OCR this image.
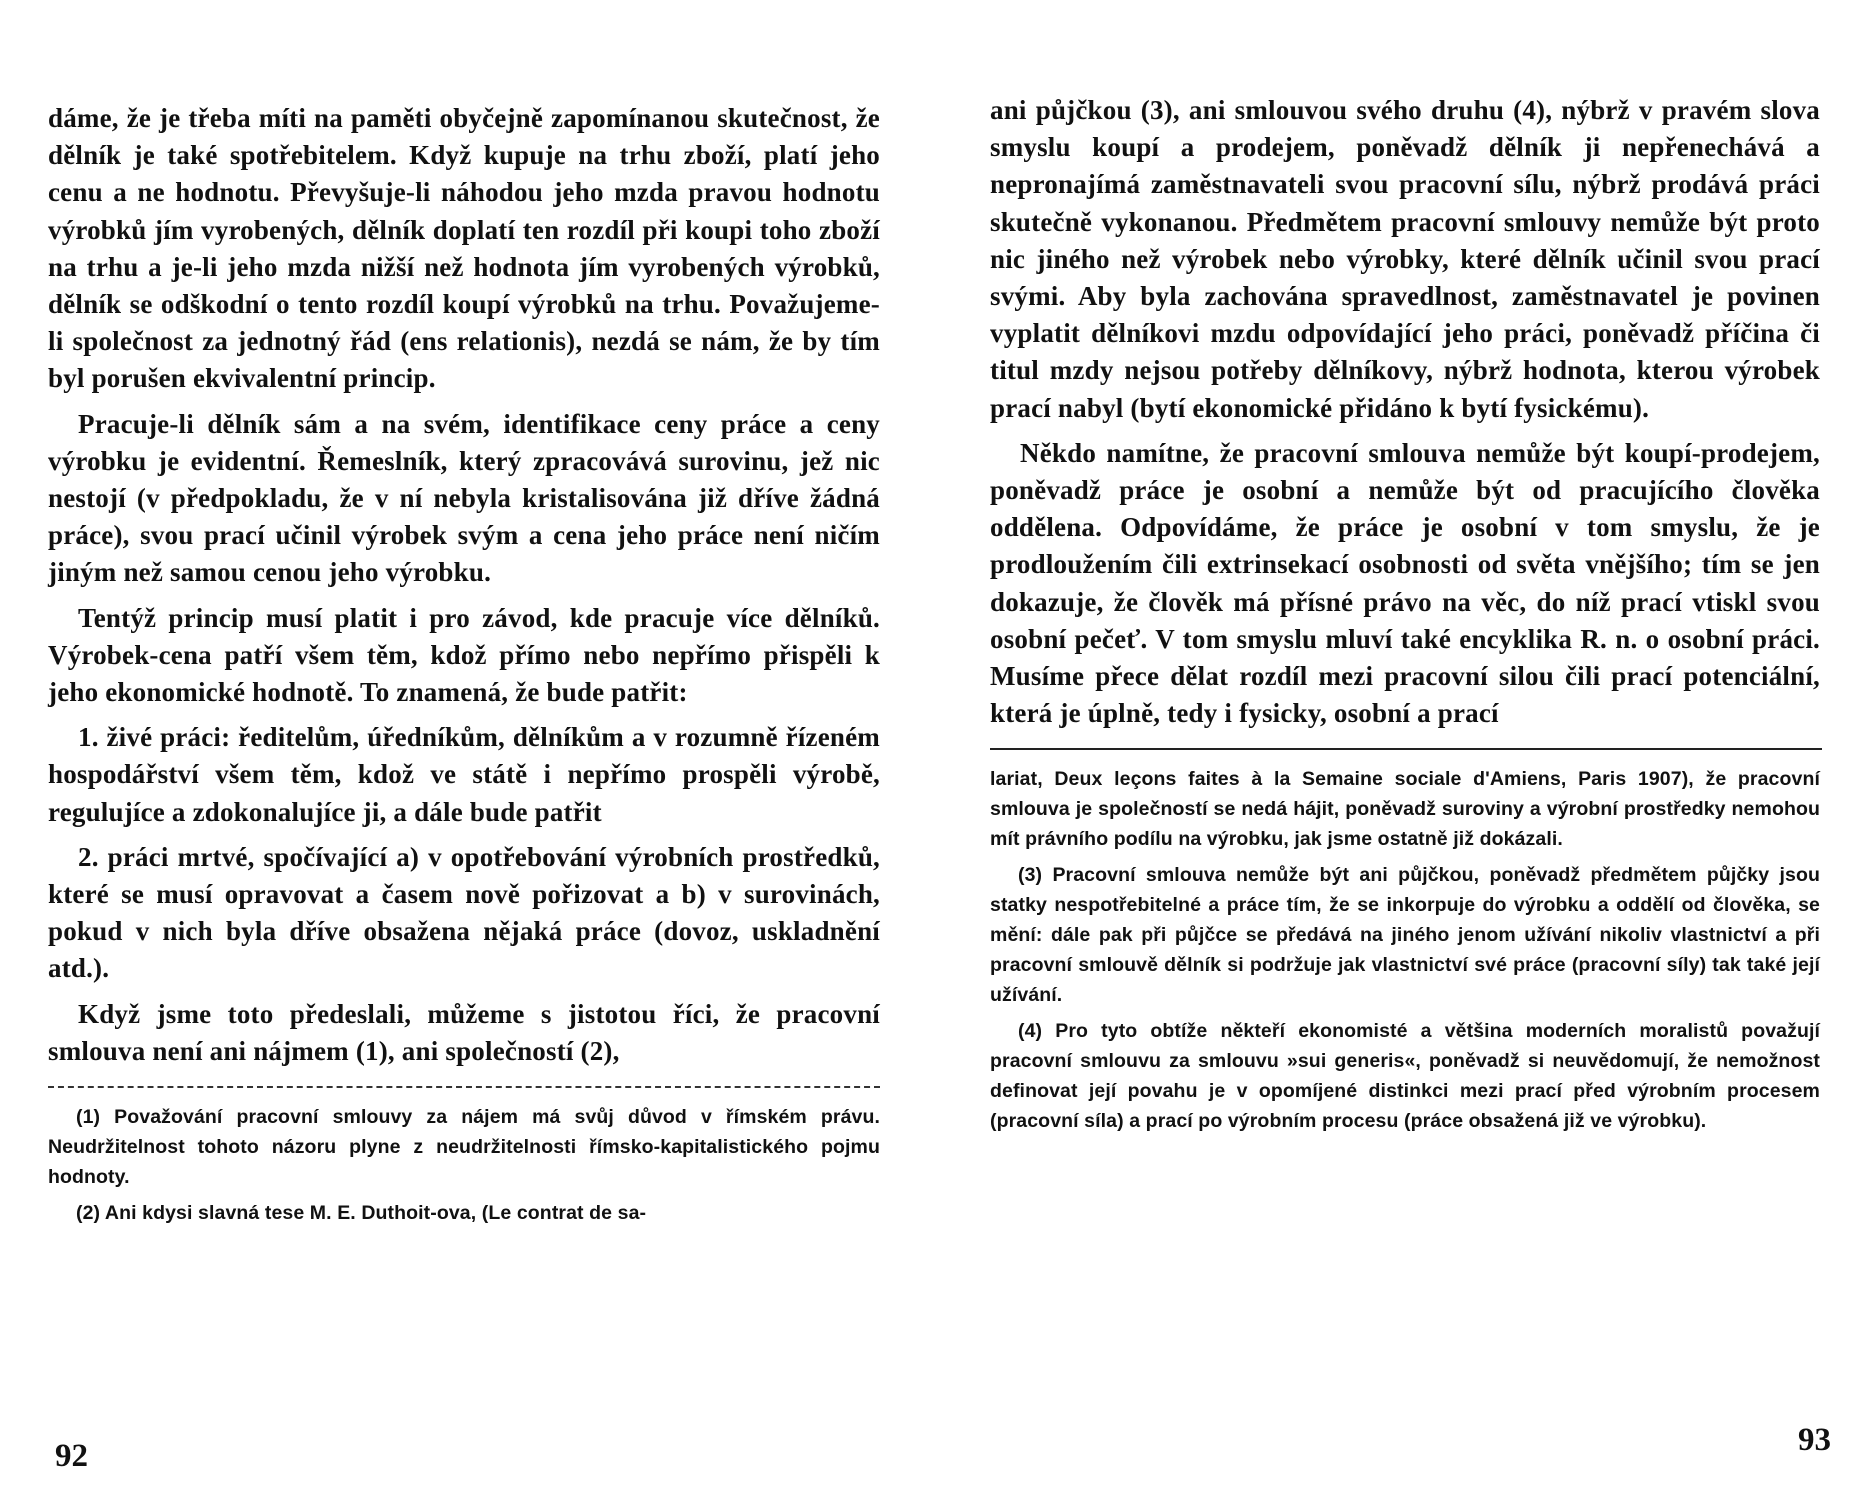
dáme, že je třeba míti na paměti obyčejně zapomínanou skutečnost, že dělník je také spotřebitelem. Když kupuje na trhu zboží, platí jeho cenu a ne hodnotu. Převyšuje-li náhodou jeho mzda pravou hodnotu výrobků jím vyrobených, dělník doplatí ten rozdíl při koupi toho zboží na trhu a je-li jeho mzda nižší než hodnota jím vyrobených výrobků, dělník se odškodní o tento rozdíl koupí výrobků na trhu. Považujeme-li společnost za jednotný řád (ens relationis), nezdá se nám, že by tím byl porušen ekvivalentní princip.

Pracuje-li dělník sám a na svém, identifikace ceny práce a ceny výrobku je evidentní. Řemeslník, který zpracovává surovinu, jež nic nestojí (v předpokladu, že v ní nebyla kristalisována již dříve žádná práce), svou prací učinil výrobek svým a cena jeho práce není ničím jiným než samou cenou jeho výrobku.

Tentýž princip musí platit i pro závod, kde pracuje více dělníků. Výrobek-cena patří všem těm, kdož přímo nebo nepřímo přispěli k jeho ekonomické hodnotě. To znamená, že bude patřit:

1. živé práci: ředitelům, úředníkům, dělníkům a v rozumně řízeném hospodářství všem těm, kdož ve státě i nepřímo prospěli výrobě, regulujíce a zdokonalujíce ji, a dále bude patřit

2. práci mrtvé, spočívající a) v opotřebování výrobních prostředků, které se musí opravovat a časem nově pořizovat a b) v surovinách, pokud v nich byla dříve obsažena nějaká práce (dovoz, uskladnění atd.).

Když jsme toto předeslali, můžeme s jistotou říci, že pracovní smlouva není ani nájmem (1), ani společností (2),

(1) Považování pracovní smlouvy za nájem má svůj důvod v římském právu. Neudržitelnost tohoto názoru plyne z neudržitelnosti římsko-kapitalistického pojmu hodnoty.

(2) Ani kdysi slavná tese M. E. Duthoit-ova, (Le contrat de sa-

92

ani půjčkou (3), ani smlouvou svého druhu (4), nýbrž v pravém slova smyslu koupí a prodejem, poněvadž dělník ji nepřenechává a nepronajímá zaměstnavateli svou pracovní sílu, nýbrž prodává práci skutečně vykonanou. Předmětem pracovní smlouvy nemůže být proto nic jiného než výrobek nebo výrobky, které dělník učinil svou prací svými. Aby byla zachována spravedlnost, zaměstnavatel je povinen vyplatit dělníkovi mzdu odpovídající jeho práci, poněvadž příčina či titul mzdy nejsou potřeby dělníkovy, nýbrž hodnota, kterou výrobek prací nabyl (bytí ekonomické přidáno k bytí fysickému).

Někdo namítne, že pracovní smlouva nemůže být koupí-prodejem, poněvadž práce je osobní a nemůže být od pracujícího člověka oddělena. Odpovídáme, že práce je osobní v tom smyslu, že je prodloužením čili extrinsekací osobnosti od světa vnějšího; tím se jen dokazuje, že člověk má přísné právo na věc, do níž prací vtiskl svou osobní pečeť. V tom smyslu mluví také encyklika R. n. o osobní práci. Musíme přece dělat rozdíl mezi pracovní silou čili prací potenciální, která je úplně, tedy i fysicky, osobní a prací

lariat, Deux leçons faites à la Semaine sociale d'Amiens, Paris 1907), že pracovní smlouva je společností se nedá hájit, poněvadž suroviny a výrobní prostředky nemohou mít právního podílu na výrobku, jak jsme ostatně již dokázali.

(3) Pracovní smlouva nemůže být ani půjčkou, poněvadž předmětem půjčky jsou statky nespotřebitelné a práce tím, že se inkorpuje do výrobku a oddělí od člověka, se mění: dále pak při půjčce se předává na jiného jenom užívání nikoliv vlastnictví a při pracovní smlouvě dělník si podržuje jak vlastnictví své práce (pracovní síly) tak také její užívání.

(4) Pro tyto obtíže někteří ekonomisté a většina moderních moralistů považují pracovní smlouvu za smlouvu »sui generis«, poněvadž si neuvědomují, že nemožnost definovat její povahu je v opomíjené distinkci mezi prací před výrobním procesem (pracovní síla) a prací po výrobním procesu (práce obsažená již ve výrobku).

93
